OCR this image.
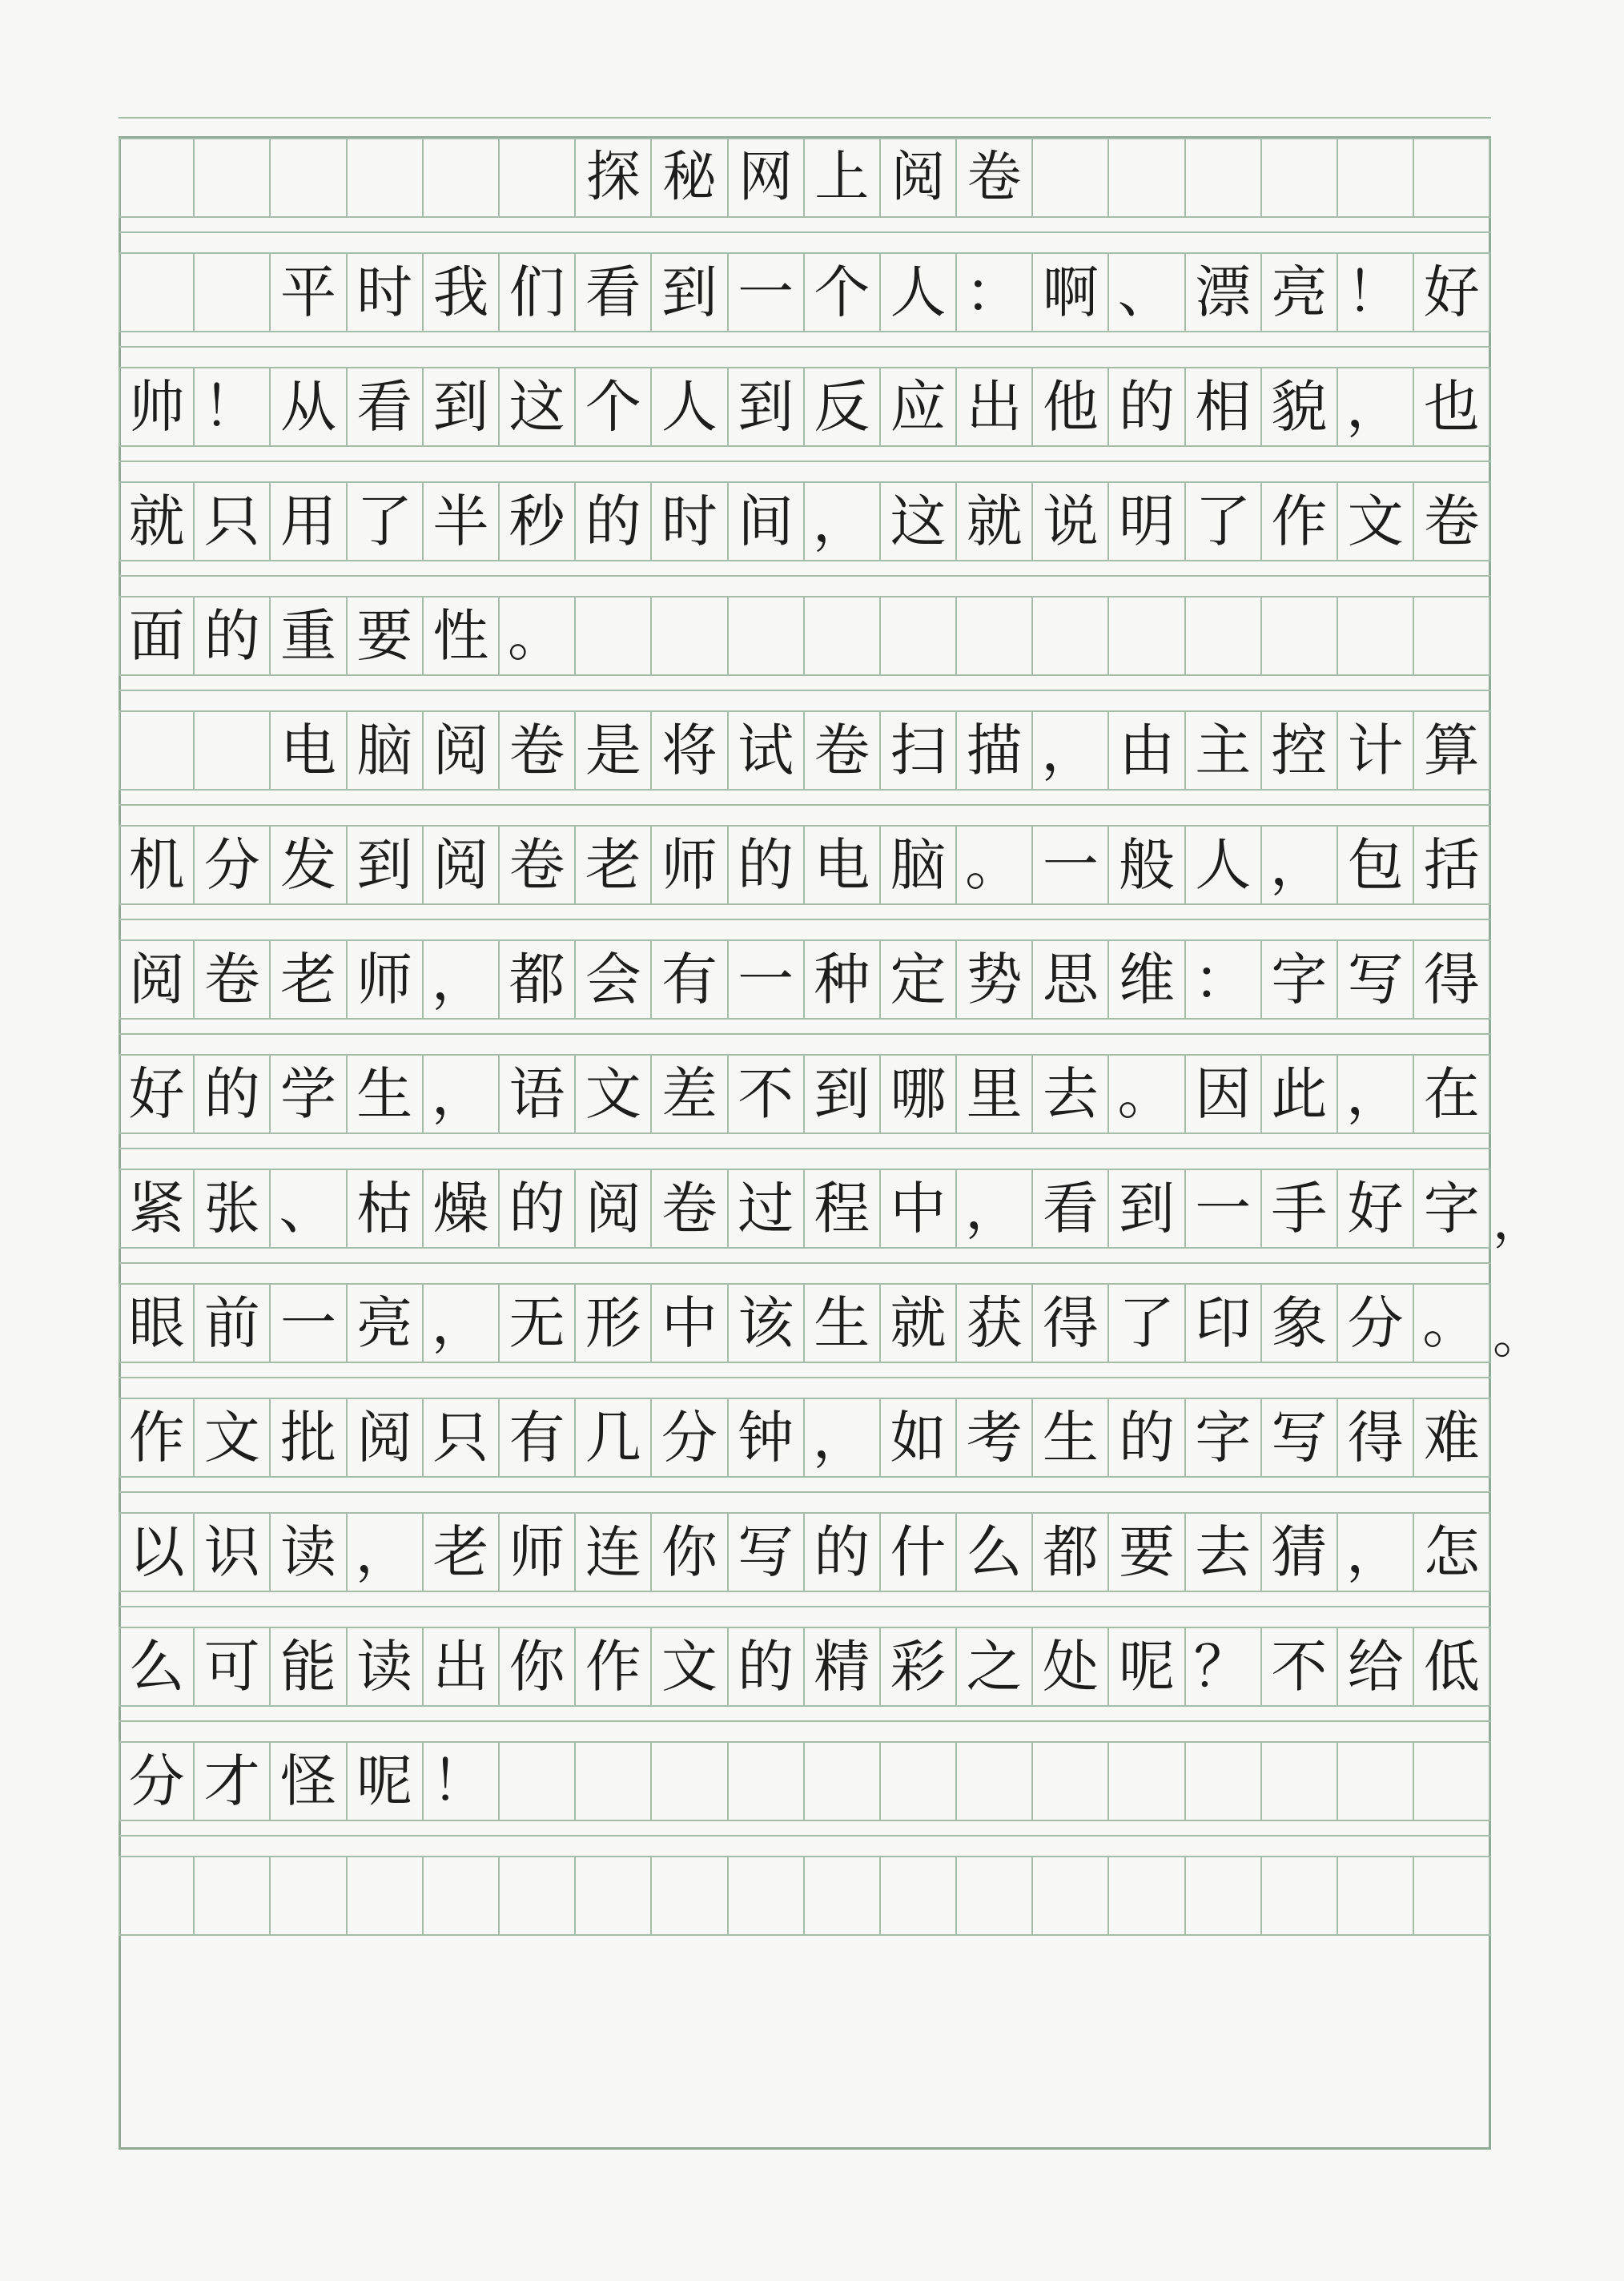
探 秘 网 上 阅 卷
平 时 我 们 看 到 一 个 人 ： 啊 、 漂 亮 ！ 好
帅 ！ 从 看 到 这 个 人 到 反 应 出 他 的 相 貌 ， 也
就 只 用 了 半 秒 的 时 间 ， 这 就 说 明 了 作 文 卷
面 的 重 要 性 。
电 脑 阅 卷 是 将 试 卷 扫 描 ， 由 主 控 计 算
机 分 发 到 阅 卷 老 师 的 电 脑 。 一 般 人 ， 包 括
阅 卷 老 师 ， 都 会 有 一 种 定 势 思 维 ： 字 写 得
好 的 学 生 ， 语 文 差 不 到 哪 里 去 。 因 此 ， 在
紧 张 、 枯 燥 的 阅 卷 过 程 中 ， 看 到 一 手 好 字
眼 前 一 亮 ， 无 形 中 该 生 就 获 得 了 印 象 分 。
作 文 批 阅 只 有 几 分 钟 ， 如 考 生 的 字 写 得 难
以 识 读 ， 老 师 连 你 写 的 什 么 都 要 去 猜 ， 怎
么 可 能 读 出 你 作 文 的 精 彩 之 处 呢 ？ 不 给 低
分 才 怪 呢 ！
，
。
